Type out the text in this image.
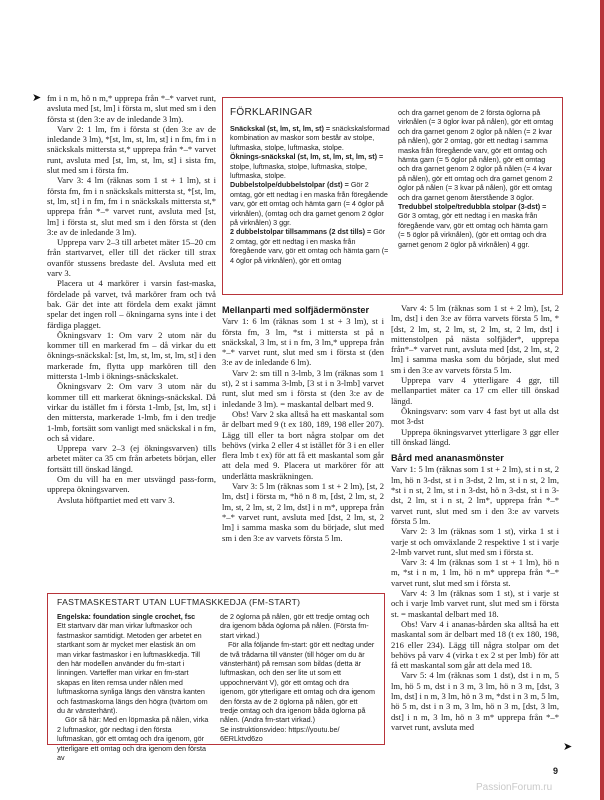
➤ fm i n m, hö n m,* upprepa från *–* varvet runt, avsluta med [st, lm] i första m, slut med sm i den första st (den 3:e av de inledande 3 lm).

Varv 2: 1 lm, fm i första st (den 3:e av de inledande 3 lm), *[st, lm, st, lm, st] i n fm, fm i n snäckskals mittersta st,* upprepa från *–* varvet runt, avsluta med [st, lm, st, lm, st] i sista fm, slut med sm i första fm.

Varv 3: 4 lm (räknas som 1 st + 1 lm), st i första fm, fm i n snäckskals mittersta st, *[st, lm, st, lm, st] i n fm, fm i n snäckskals mittersta st,* upprepa från *–* varvet runt, avsluta med [st, lm] i första st, slut med sm i den första st (den 3:e av de inledande 3 lm).

Upprepa varv 2–3 till arbetet mäter 15–20 cm från startvarvet, eller till det räcker till strax ovanför stussens bredaste del. Avsluta med ett varv 3.

Placera ut 4 markörer i varsin fast-maska, fördelade på varvet, två markörer fram och två bak. Gär det inte att fördela dem exakt jämnt spelar det ingen roll – ökningarna syns inte i det färdiga plagget.

Ökningsvarv 1: Om varv 2 utom när du kommer till en markerad fm – då virkar du ett öknings-snäckskal: [st, lm, st, lm, st, lm, st] i den markerade fm, flytta upp markören till den mittersta 1-lmb i öknings-snäckskalet.

Ökningsvarv 2: Om varv 3 utom när du kommer till ett markerat öknings-snäckskal. Då virkar du istället fm i första 1-lmb, [st, lm, st] i den mittersta, markerade 1-lmb, fm i den tredje 1-lmb, fortsätt som vanligt med snäckskal i n fm, och så vidare.

Upprepa varv 2–3 (ej ökningsvarven) tills arbetet mäter ca 35 cm från arbetets början, eller fortsätt till önskad längd.

Om du vill ha en mer utsvängd pass-form, upprepa ökningsvarven.

Avsluta höftpartiet med ett varv 3.

FÖRKLARINGAR

Snäckskal (st, lm, st, lm, st) = snäckskalsformad kombination av maskor som består av stolpe, luftmaska, stolpe, luftmaska, stolpe.

Öknings-snäckskal (st, lm, st, lm, st, lm, st) = stolpe, luftmaska, stolpe, luftmaska, stolpe, luftmaska, stolpe.

Dubbelstolpe/dubbelstolpar (dst) = Gör 2 omtag, gör ett nedtag i en maska från föregående varv, gör ett omtag och hämta garn (= 4 öglor på virknålen), (omtag och dra garnet genom 2 öglor på virknålen) 3 ggr.

2 dubbelstolpar tillsammans (2 dst tills) = Gör 2 omtag, gör ett nedtag i en maska från föregående varv, gör ett omtag och hämta garn (= 4 öglor på virknålen), gör ett omtag

och dra garnet genom de 2 första öglorna på virknålen (= 3 öglor kvar på nålen), gör ett omtag och dra garnet genom 2 öglor på nålen (= 2 kvar på nålen), gör 2 omtag, gör ett nedtag i samma maska från föregående varv, gör ett omtag och hämta garn (= 5 öglor på nålen), gör ett omtag och dra garnet genom 2 öglor på nålen (= 4 kvar på nålen), gör ett omtag och dra garnet genom 2 öglor på nålen (= 3 kvar på nålen), gör ett omtag och dra garnet genom återstående 3 öglor.

Tredubbel stolpe/tredubbla stolpar (3-dst) = Gör 3 omtag, gör ett nedtag i en maska från föregående varv, gör ett omtag och hämta garn (= 5 öglor på virknålen), (gör ett omtag och dra garnet genom 2 öglor på virknålen) 4 ggr.

Mellanparti med solfjädermönster

Varv 1: 6 lm (räknas som 1 st + 3 lm), st i första fm, 3 lm, *st i mittersta st på n snäckskal, 3 lm, st i n fm, 3 lm,* upprepa från *–* varvet runt, slut med sm i första st (den 3:e av de inledande 6 lm).

Varv 2: sm till n 3-lmb, 3 lm (räknas som 1 st), 2 st i samma 3-lmb, [3 st i n 3-lmb] varvet runt, slut med sm i första st (den 3:e av de inledande 3 lm). = maskantal delbart med 9.

Obs! Varv 2 ska alltså ha ett maskantal som är delbart med 9 (t ex 180, 189, 198 eller 207). Lägg till eller ta bort några stolpar om det behövs (virka 2 eller 4 st istället för 3 i en eller flera lmb t ex) för att få ett maskantal som går att dela med 9. Placera ut markörer för att underlätta maskräkningen.

Varv 3: 5 lm (räknas som 1 st + 2 lm), [st, 2 lm, dst] i första m, *hö n 8 m, [dst, 2 lm, st, 2 lm, st, 2 lm, st, 2 lm, dst] i n m*, upprepa från *–* varvet runt, avsluta med [dst, 2 lm, st, 2 lm] i samma maska som du började, slut med sm i den 3:e av varvets första 5 lm.

Varv 4: 5 lm (räknas som 1 st + 2 lm), [st, 2 lm, dst] i den 3:e av förra varvets första 5 lm, *[dst, 2 lm, st, 2 lm, st, 2 lm, st, 2 lm, dst] i mittenstolpen på nästa solfjäder*, upprepa från*–* varvet runt, avsluta med [dst, 2 lm, st, 2 lm] i samma maska som du började, slut med sm i den 3:e av varvets första 5 lm.

Upprepa varv 4 ytterligare 4 ggr, till mellanpartiet mäter ca 17 cm eller till önskad längd.

Ökningsvarv: som varv 4 fast byt ut alla dst mot 3-dst

Upprepa ökningsvarvet ytterligare 3 ggr eller till önskad längd.

Bård med ananasmönster

Varv 1: 5 lm (räknas som 1 st + 2 lm), st i n st, 2 lm, hö n 3-dst, st i n 3-dst, 2 lm, st i n st, 2 lm, *st i n st, 2 lm, st i n 3-dst, hö n 3-dst, st i n 3-dst, 2 lm, st i n st, 2 lm*, upprepa från *–* varvet runt, slut med sm i den 3:e av varvets första 5 lm.

Varv 2: 3 lm (räknas som 1 st), virka 1 st i varje st och omväxlande 2 respektive 1 st i varje 2-lmb varvet runt, slut med sm i första st.

Varv 3: 4 lm (räknas som 1 st + 1 lm), hö n m, *st i n m, 1 lm, hö n m* upprepa från *–* varvet runt, slut med sm i första st.

Varv 4: 3 lm (räknas som 1 st), st i varje st och i varje lmb varvet runt, slut med sm i första st. = maskantal delbart med 18.

Obs! Varv 4 i ananas-bården ska alltså ha ett maskantal som är delbart med 18 (t ex 180, 198, 216 eller 234). Lägg till några stolpar om det behövs på varv 4 (virka t ex 2 st per lmb) för att få ett maskantal som går att dela med 18.

Varv 5: 4 lm (räknas som 1 dst), dst i n m, 5 lm, hö 5 m, dst i n 3 m, 3 lm, hö n 3 m, [dst, 3 lm, dst] i n m, 3 lm, hö n 3 m, *dst i n 3 m, 5 lm, hö 5 m, dst i n 3 m, 3 lm, hö n 3 m, [dst, 3 lm, dst] i n m, 3 lm, hö n 3 m* upprepa från *–* varvet runt, avsluta med

FASTMASKESTART UTAN LUFTMASKKEDJA (FM-START)

Engelska: foundation single crochet, fsc

Ett startvarv där man virkar luftmaskor och fastmaskor samtidigt. Metoden ger arbetet en startkant som är mycket mer elastisk än om man virkar fastmaskor i en luftmaskkedja. Till den här modellen använder du fm-start i linningen. Varteffer man virkar en fm-start skapas en liten remsa under nålen med luftmaskorna synliga längs den vänstra kanten och fastmaskorna längs den högra (tvärtom om du är vänsterhänt).

Gör så här: Med en löpmaska på nålen, virka 2 luftmaskor, gör nedtag i den första luftmaskan, gör ett omtag och dra igenom, gör ytterligare ett omtag och dra igenom den första av

de 2 öglorna på nålen, gör ett tredje omtag och dra igenom båda öglorna på nålen. (Första fm-start virkad.)

För alla följande fm-start: gör ett nedtag under de två trådarna till vänster (till höger om du är vänsterhänt) på remsan som bildas (detta är luftmaskan, och den ser lite ut som ett uppochnervänt V), gör ett omtag och dra igenom, gör ytterligare ett omtag och dra igenom den första av de 2 öglorna på nålen, gör ett tredje omtag och dra igenom båda öglorna på nålen. (Andra fm-start virkad.)

Se instruktionsvideo: https://youtu.be/ 6ERLktvd6zo

➤
9
PassionForum.ru
